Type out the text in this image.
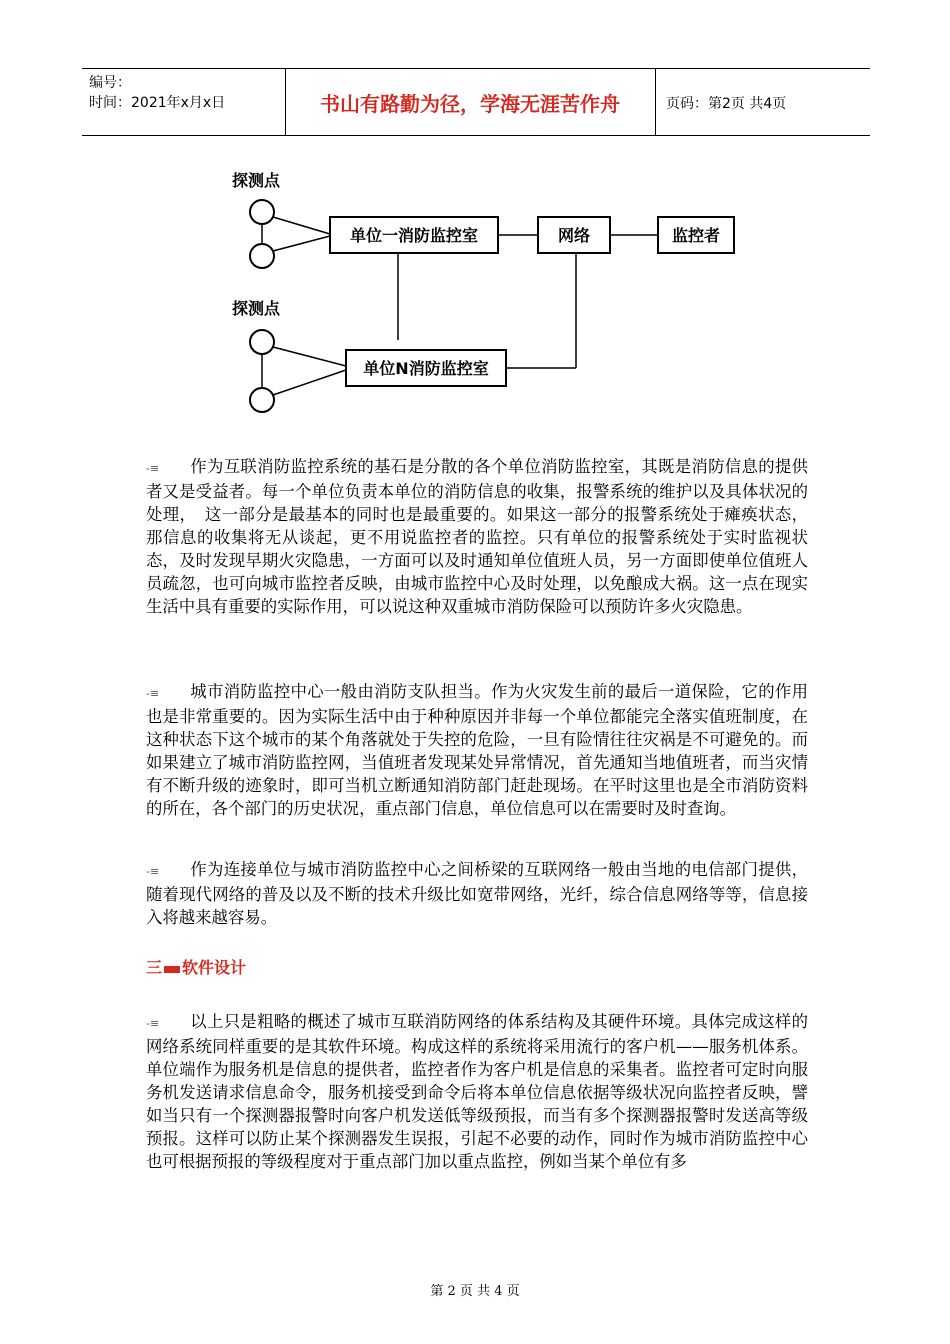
编号：
时间：2021年x月x日	书山有路勤为径，学海无涯苦作舟	页码：第2页 共4页
探测点
单位一消防监控室	网络	监控者
探测点
单位N消防监控室

-≡ 作为互联消防监控系统的基石是分散的各个单位消防监控室，其既是消防信息的提供者又是受益者。每一个单位负责本单位的消防信息的收集，报警系统的维护以及具体状况的处理，　这一部分是最基本的同时也是最重要的。如果这一部分的报警系统处于瘫痪状态，那信息的收集将无从谈起，更不用说监控者的监控。只有单位的报警系统处于实时监视状态，及时发现早期火灾隐患，一方面可以及时通知单位值班人员，另一方面即使单位值班人员疏忽，也可向城市监控者反映，由城市监控中心及时处理，以免酿成大祸。这一点在现实生活中具有重要的实际作用，可以说这种双重城市消防保险可以预防许多火灾隐患。

-≡ 城市消防监控中心一般由消防支队担当。作为火灾发生前的最后一道保险，它的作用也是非常重要的。因为实际生活中由于种种原因并非每一个单位都能完全落实值班制度，在这种状态下这个城市的某个角落就处于失控的危险，一旦有险情往往灾祸是不可避免的。而如果建立了城市消防监控网，当值班者发现某处异常情况，首先通知当地值班者，而当灾情有不断升级的迹象时，即可当机立断通知消防部门赶赴现场。在平时这里也是全市消防资料的所在，各个部门的历史状况，重点部门信息，单位信息可以在需要时及时查询。

-≡ 作为连接单位与城市消防监控中心之间桥梁的互联网络一般由当地的电信部门提供，随着现代网络的普及以及不断的技术升级比如宽带网络，光纤，综合信息网络等等，信息接入将越来越容易。

三 软件设计

-≡ 以上只是粗略的概述了城市互联消防网络的体系结构及其硬件环境。具体完成这样的网络系统同样重要的是其软件环境。构成这样的系统将采用流行的客户机——服务机体系。单位端作为服务机是信息的提供者，监控者作为客户机是信息的采集者。监控者可定时向服务机发送请求信息命令，服务机接受到命令后将本单位信息依据等级状况向监控者反映，譬如当只有一个探测器报警时向客户机发送低等级预报，而当有多个探测器报警时发送高等级预报。这样可以防止某个探测器发生误报，引起不必要的动作，同时作为城市消防监控中心也可根据预报的等级程度对于重点部门加以重点监控，例如当某个单位有多

第 2 页 共 4 页
